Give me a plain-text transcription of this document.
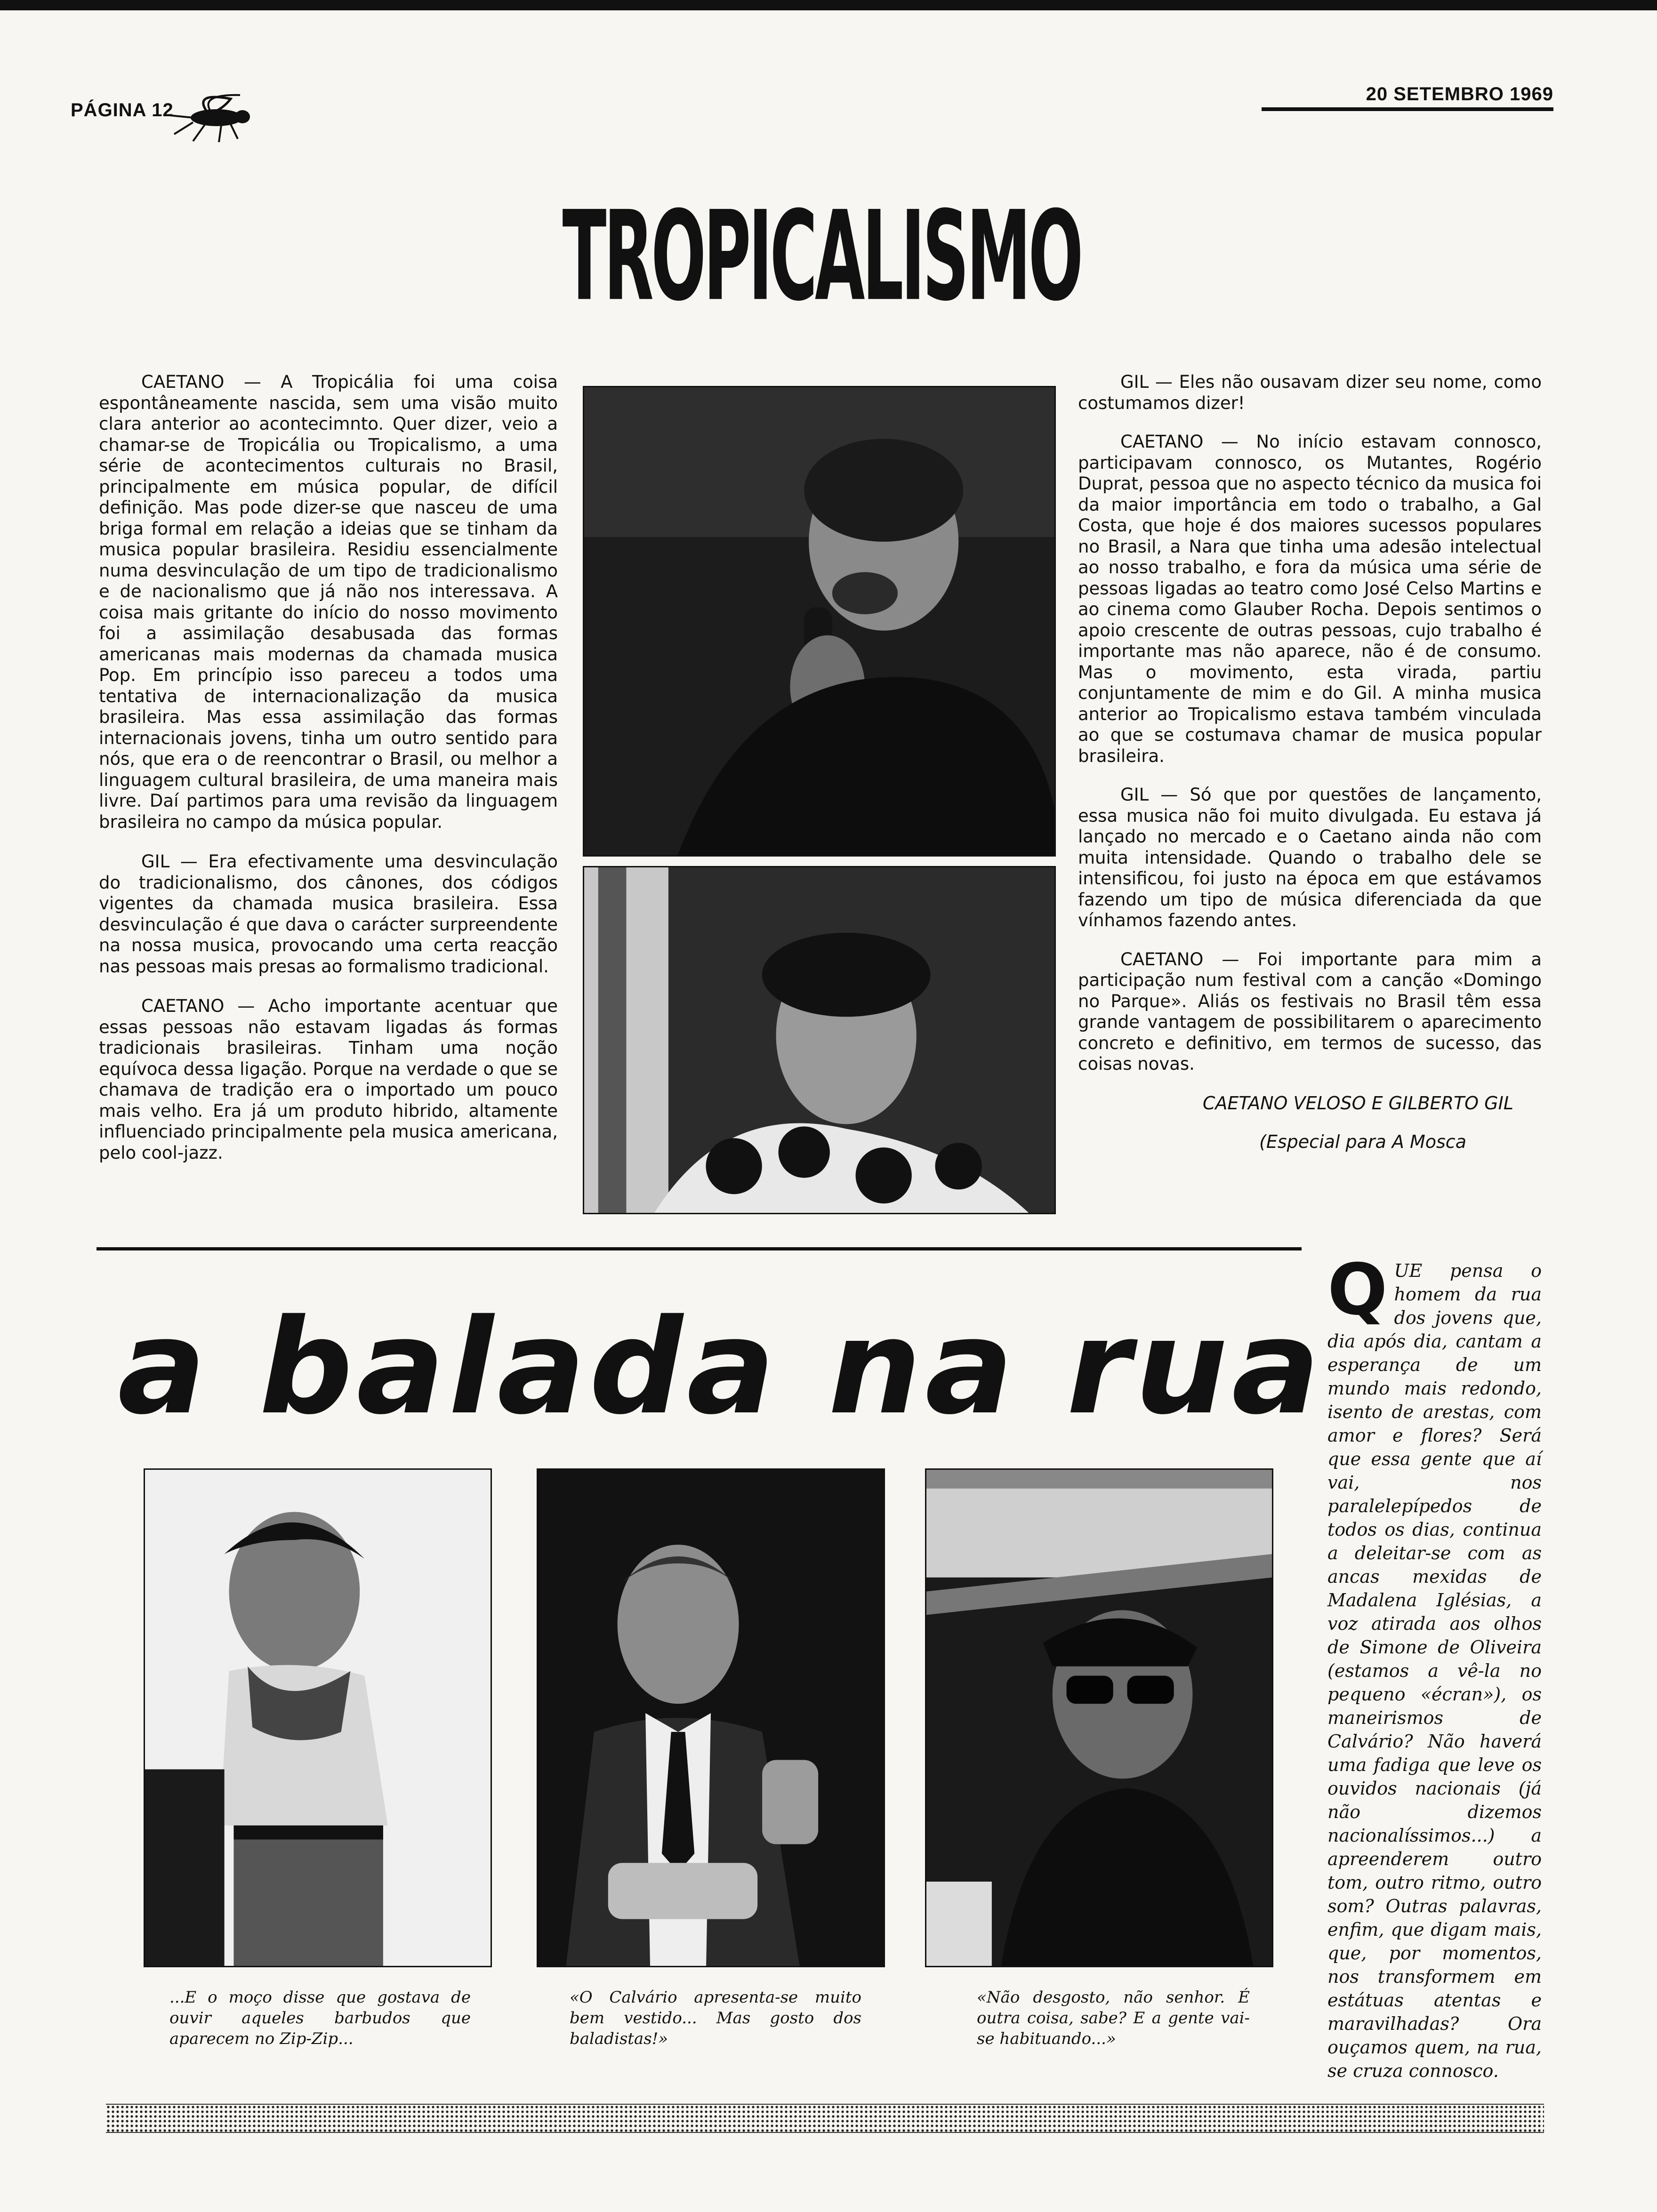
PÁGINA 12
20 SETEMBRO 1969
TROPICALISMO

CAETANO — A Tropicália foi uma coisa espontâneamente nascida, sem uma visão muito clara anterior ao acontecimnto. Quer dizer, veio a chamar-se de Tropicália ou Tropicalismo, a uma série de acontecimentos culturais no Brasil, principalmente em música popular, de difícil definição. Mas pode dizer-se que nasceu de uma briga formal em relação a ideias que se tinham da musica popular brasileira. Residiu essencialmente numa desvinculação de um tipo de tradicionalismo e de nacionalismo que já não nos interessava. A coisa mais gritante do início do nosso movimento foi a assimilação desabusada das formas americanas mais modernas da chamada musica Pop. Em princípio isso pareceu a todos uma tentativa de internacionalização da musica brasileira. Mas essa assimilação das formas internacionais jovens, tinha um outro sentido para nós, que era o de reencontrar o Brasil, ou melhor a linguagem cultural brasileira, de uma maneira mais livre. Daí partimos para uma revisão da linguagem brasileira no campo da música popular.

GIL — Era efectivamente uma desvinculação do tradicionalismo, dos cânones, dos códigos vigentes da chamada musica brasileira. Essa desvinculação é que dava o carácter surpreendente na nossa musica, provocando uma certa reacção nas pessoas mais presas ao formalismo tradicional.

CAETANO — Acho importante acentuar que essas pessoas não estavam ligadas ás formas tradicionais brasileiras. Tinham uma noção equívoca dessa ligação. Porque na verdade o que se chamava de tradição era o importado um pouco mais velho. Era já um produto hibrido, altamente influenciado principalmente pela musica americana, pelo cool-jazz.

GIL — Eles não ousavam dizer seu nome, como costumamos dizer!

CAETANO — No início estavam connosco, participavam connosco, os Mutantes, Rogério Duprat, pessoa que no aspecto técnico da musica foi da maior importância em todo o trabalho, a Gal Costa, que hoje é dos maiores sucessos populares no Brasil, a Nara que tinha uma adesão intelectual ao nosso trabalho, e fora da música uma série de pessoas ligadas ao teatro como José Celso Martins e ao cinema como Glauber Rocha. Depois sentimos o apoio crescente de outras pessoas, cujo trabalho é importante mas não aparece, não é de consumo. Mas o movimento, esta virada, partiu conjuntamente de mim e do Gil. A minha musica anterior ao Tropicalismo estava também vinculada ao que se costumava chamar de musica popular brasileira.

GIL — Só que por questões de lançamento, essa musica não foi muito divulgada. Eu estava já lançado no mercado e o Caetano ainda não com muita intensidade. Quando o trabalho dele se intensificou, foi justo na época em que estávamos fazendo um tipo de música diferenciada da que vínhamos fazendo antes.

CAETANO — Foi importante para mim a participação num festival com a canção «Domingo no Parque». Aliás os festivais no Brasil têm essa grande vantagem de possibilitarem o aparecimento concreto e definitivo, em termos de sucesso, das coisas novas.

CAETANO VELOSO E GILBERTO GIL

(Especial para A Mosca

a balada na rua
...E o moço disse que gostava de ouvir aqueles barbudos que aparecem no Zip-Zip...
«O Calvário apresenta-se muito bem vestido... Mas gosto dos baladistas!»
«Não desgosto, não senhor. É outra coisa, sabe? E a gente vai-se habituando...»
Q UE pensa o homem da rua dos jovens que, dia após dia, cantam a esperança de um mundo mais redondo, isento de arestas, com amor e flores? Será que essa gente que aí vai, nos paralelepípedos de todos os dias, continua a deleitar-se com as ancas mexidas de Madalena Iglésias, a voz atirada aos olhos de Simone de Oliveira (estamos a vê-la no pequeno «écran»), os maneirismos de Calvário? Não haverá uma fadiga que leve os ouvidos nacionais (já não dizemos nacionalíssimos...) a apreenderem outro tom, outro ritmo, outro som? Outras palavras, enfim, que digam mais, que, por momentos, nos transformem em estátuas atentas e maravilhadas? Ora ouçamos quem, na rua, se cruza connosco.
